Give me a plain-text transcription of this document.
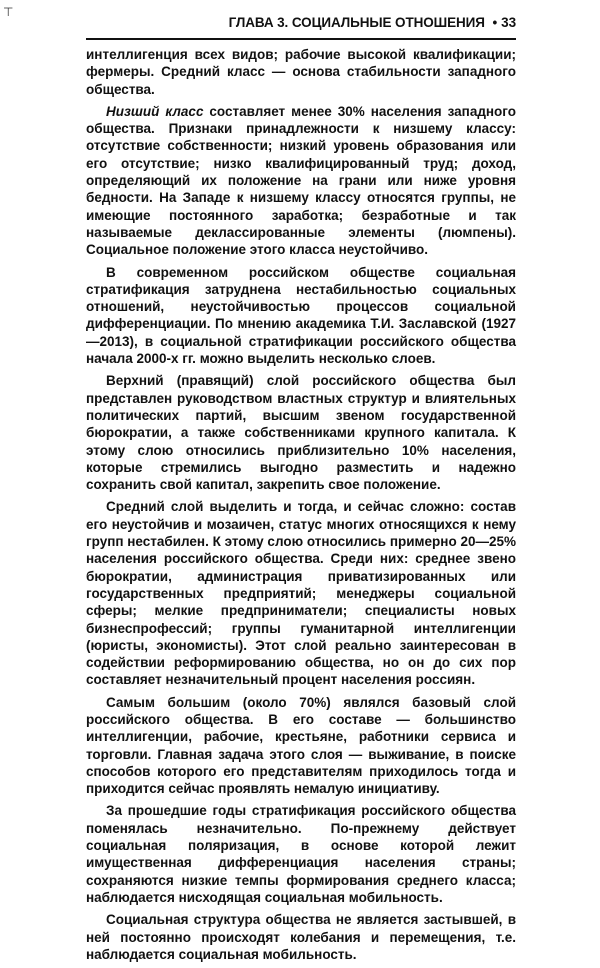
⊤
ГЛАВА 3. СОЦИАЛЬНЫЕ ОТНОШЕНИЯ • 33

интеллигенция всех видов; рабочие высокой квалификации; фермеры. Средний класс — основа стабильности западного общества.

Низший класс составляет менее 30% населения западного общества. Признаки принадлежности к низшему классу: отсутствие собственности; низкий уровень образования или его отсутствие; низко квалифицированный труд; доход, определяющий их положение на грани или ниже уровня бедности. На Западе к низшему классу относятся группы, не имеющие постоянного заработка; безработные и так называемые деклассированные элементы (люмпены). Социальное положение этого класса неустойчиво.

В современном российском обществе социальная стратификация затруднена нестабильностью социальных отношений, неустойчивостью процессов социальной дифференциации. По мнению академика Т.И. Заславской (1927—2013), в социальной стратификации российского общества начала 2000-х гг. можно выделить несколько слоев.

Верхний (правящий) слой российского общества был представлен руководством властных структур и влиятельных политических партий, высшим звеном государственной бюрократии, а также собственниками крупного капитала. К этому слою относились приблизительно 10% населения, которые стремились выгодно разместить и надежно сохранить свой капитал, закрепить свое положение.

Средний слой выделить и тогда, и сейчас сложно: состав его неустойчив и мозаичен, статус многих относящихся к нему групп нестабилен. К этому слою относились примерно 20—25% населения российского общества. Среди них: среднее звено бюрократии, администрация приватизированных или государственных предприятий; менеджеры социальной сферы; мелкие предприниматели; специалисты новых бизнеспрофессий; группы гуманитарной интеллигенции (юристы, экономисты). Этот слой реально заинтересован в содействии реформированию общества, но он до сих пор составляет незначительный процент населения россиян.

Самым большим (около 70%) являлся базовый слой российского общества. В его составе — большинство интеллигенции, рабочие, крестьяне, работники сервиса и торговли. Главная задача этого слоя — выживание, в поиске способов которого его представителям приходилось тогда и приходится сейчас проявлять немалую инициативу.

За прошедшие годы стратификация российского общества поменялась незначительно. По-прежнему действует социальная поляризация, в основе которой лежит имущественная дифференциация населения страны; сохраняются низкие темпы формирования среднего класса; наблюдается нисходящая социальная мобильность.

Социальная структура общества не является застывшей, в ней постоянно происходят колебания и перемещения, т.е. наблюдается социальная мобильность.
